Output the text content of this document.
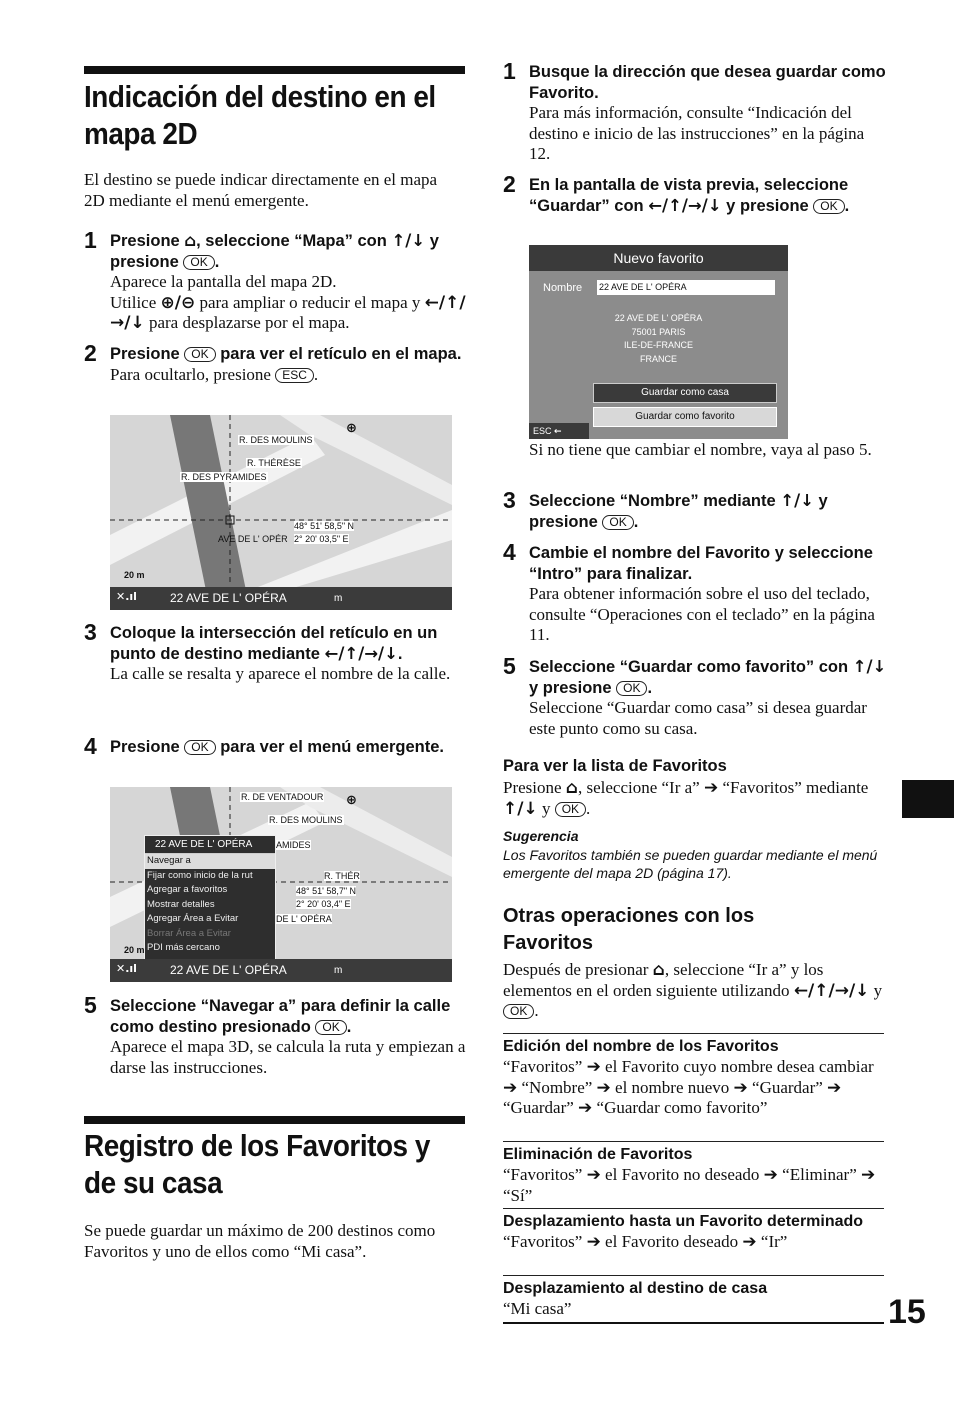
Indicación del destino en el mapa 2D
El destino se puede indicar directamente en el mapa 2D mediante el menú emergente.
1 Presione ⌂, seleccione “Mapa” con ↑/↓ y presione OK .
Aparece la pantalla del mapa 2D.
Utilice ⊕/⊖ para ampliar o reducir el mapa y ←/↑/→/↓ para desplazarse por el mapa.
2 Presione OK para ver el retículo en el mapa.
Para ocultarlo, presione ESC .
R. DES MOULINS
R. THÉRÈSE
R. DES PYRAMIDES
AVE DE L' OPÉR
48° 51' 58,5" N
2° 20' 03,5" E
⊕
20 m
✕.ıl	22 AVE DE L' OPÉRA	m
3 Coloque la intersección del retículo en un punto de destino mediante ←/↑/→/↓.
La calle se resalta y aparece el nombre de la calle.
4 Presione OK para ver el menú emergente.
R. DE VENTADOUR
R. DES MOULINS
AMIDES
R. THÉR
DE L' OPÉRA
48° 51' 58,7" N
2° 20' 03,4" E
⊕
22 AVE DE L' OPÉRA
Navegar a
Fijar como inicio de la rut
Agregar a favoritos
Mostrar detalles
Agregar Área a Evitar
Borrar Área a Evitar
PDI más cercano
20 m
✕.ıl	22 AVE DE L' OPÉRA	m
5 Seleccione “Navegar a” para definir la calle como destino presionado OK .
Aparece el mapa 3D, se calcula la ruta y empiezan a darse las instrucciones.
Registro de los Favoritos y de su casa
Se puede guardar un máximo de 200 destinos como Favoritos y uno de ellos como “Mi casa”.
1 Busque la dirección que desea guardar como Favorito.
Para más información, consulte “Indicación del destino e inicio de las instrucciones” en la página 12.
2 En la pantalla de vista previa, seleccione “Guardar” con ←/↑/→/↓ y presione OK .
Nuevo favorito
Nombre 22 AVE DE L' OPÉRA
22 AVE DE L' OPÉRA
75001 PARIS
ILE-DE-FRANCE
FRANCE
Guardar como casa
Guardar como favorito
ESC ←
Si no tiene que cambiar el nombre, vaya al paso 5.
3 Seleccione “Nombre” mediante ↑/↓ y presione OK .
4 Cambie el nombre del Favorito y seleccione “Intro” para finalizar.
Para obtener información sobre el uso del teclado, consulte “Operaciones con el teclado” en la página 11.
5 Seleccione “Guardar como favorito” con ↑/↓ y presione OK .
Seleccione “Guardar como casa” si desea guardar este punto como su casa.
Para ver la lista de Favoritos
Presione ⌂, seleccione “Ir a” ➔ “Favoritos” mediante ↑/↓ y OK .
Sugerencia
Los Favoritos también se pueden guardar mediante el menú emergente del mapa 2D (página 17).
Otras operaciones con los Favoritos
Después de presionar ⌂, seleccione “Ir a” y los elementos en el orden siguiente utilizando ←/↑/→/↓ y OK .
Edición del nombre de los Favoritos
“Favoritos” ➔ el Favorito cuyo nombre desea cambiar ➔ “Nombre” ➔ el nombre nuevo ➔ “Guardar” ➔ “Guardar” ➔ “Guardar como favorito”
Eliminación de Favoritos
“Favoritos” ➔ el Favorito no deseado ➔ “Eliminar” ➔ “Sí”
Desplazamiento hasta un Favorito determinado
“Favoritos” ➔ el Favorito deseado ➔ “Ir”
Desplazamiento al destino de casa
“Mi casa”	15
